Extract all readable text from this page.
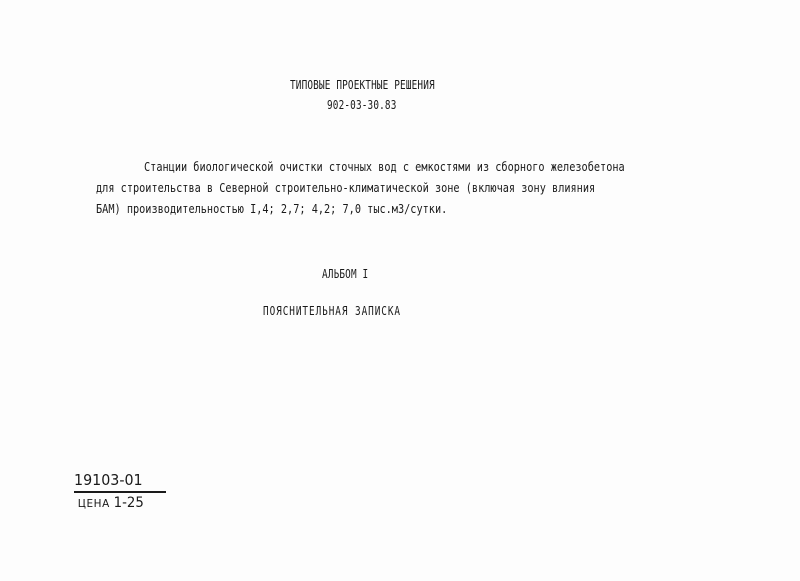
ТИПОВЫЕ ПРОЕКТНЫЕ РЕШЕНИЯ
902-03-30.83
Станции биологической очистки сточных вод с емкостями из сборного железобетона
для строительства в Северной строительно-климатической зоне (включая зону влияния
БАМ) производительностью I,4; 2,7; 4,2; 7,0 тыс.м3/сутки.
АЛЬБОМ I
ПОЯСНИТЕЛЬНАЯ ЗАПИСКА
19103-01
ЦЕНА 1-25
